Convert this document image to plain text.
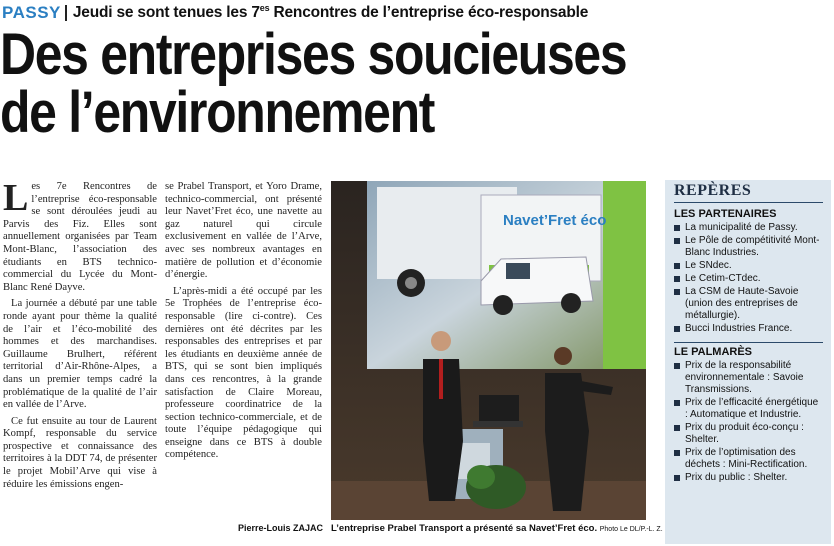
PASSY Jeudi se sont tenues les $7^{es}$ Rencontres de l’entreprise éco-responsable
Des entreprises soucieuses
de l’environnement

Les 7e Rencontres de l’entreprise éco-responsable se sont déroulées jeudi au Parvis des Fiz. Elles sont annuellement organisées par Team Mont-Blanc, l’association des étudiants en BTS technico-commercial du Lycée du Mont-Blanc René Dayve.

La journée a débuté par une table ronde ayant pour thème la qualité de l’air et l’éco-mobilité des hommes et des marchandises. Guillaume Brulhert, référent territorial d’Air-Rhône-Alpes, a dans un premier temps cadré la problématique de la qualité de l’air en vallée de l’Arve.

Ce fut ensuite au tour de Laurent Kompf, responsable du service prospective et connaissance des territoires à la DDT 74, de présenter le projet Mobil’Arve qui vise à réduire les émissions engen-

se Prabel Transport, et Yoro Drame, technico-commercial, ont présenté leur Navet’Fret éco, une navette au gaz naturel qui circule exclusivement en vallée de l’Arve, avec ses nombreux avantages en matière de pollution et d’économie d’énergie.

L’après-midi a été occupé par les 5e Trophées de l’entreprise éco-responsable (lire ci-contre). Ces dernières ont été décrites par les responsables des entreprises et par les étudiants en deuxième année de BTS, qui se sont bien impliqués dans ces rencontres, à la grande satisfaction de Claire Moreau, professeure coordinatrice de la section technico-commerciale, et de toute l’équipe pédagogique qui enseigne dans ce BTS à double compétence.

Pierre-Louis ZAJAC
Navet’Fret éco
L’entreprise Prabel Transport a présenté sa Navet’Fret éco. Photo Le DL/P.-L. Z.
REPÈRES
LES PARTENAIRES
La municipalité de Passy.
Le Pôle de compétitivité Mont-Blanc Industries.
Le SNdec.
Le Cetim-CTdec.
La CSM de Haute-Savoie (union des entreprises de métallurgie).
Bucci Industries France.
LE PALMARÈS
Prix de la responsabilité environnementale : Savoie Transmissions.
Prix de l’efficacité énergétique : Automatique et Industrie.
Prix du produit éco-conçu : Shelter.
Prix de l’optimisation des déchets : Mini-Rectification.
Prix du public : Shelter.
